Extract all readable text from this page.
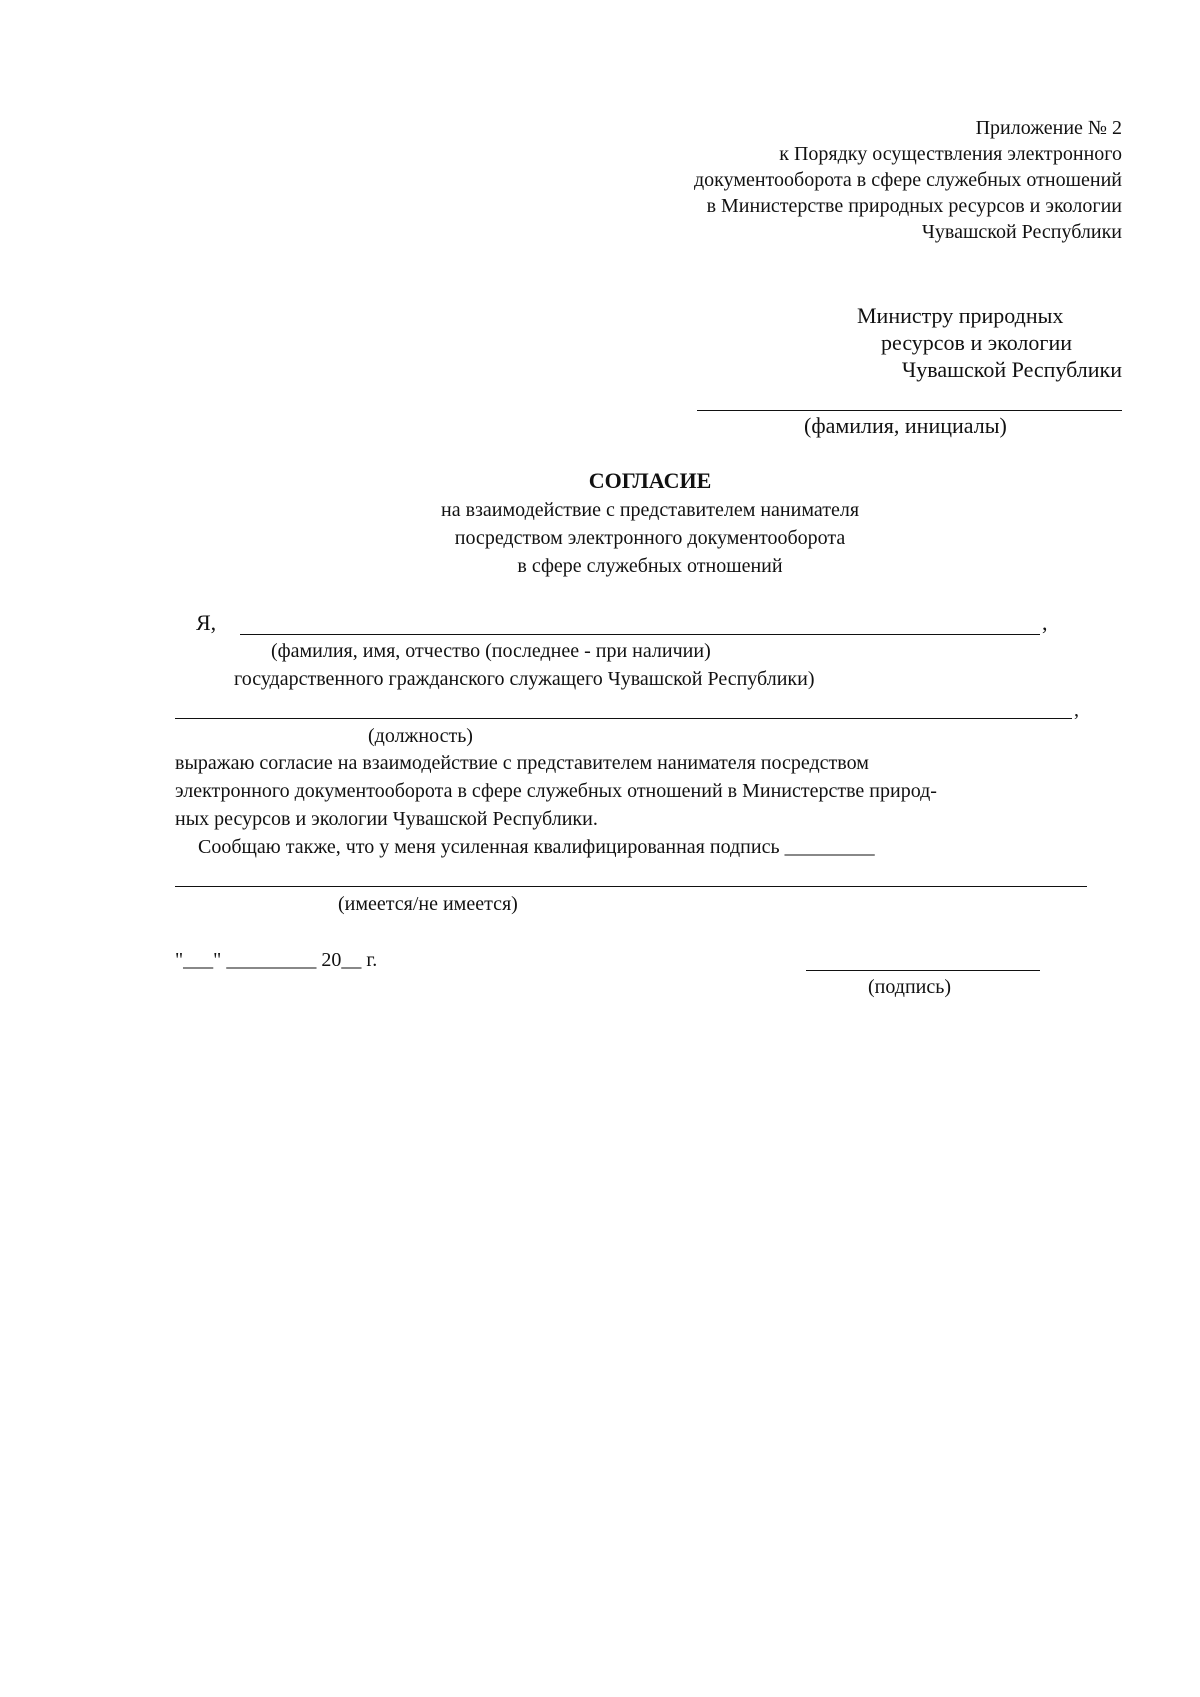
Приложение № 2
к Порядку осуществления электронного
документооборота в сфере служебных отношений
в Министерстве природных ресурсов и экологии
Чувашской Республики
Министру природных
ресурсов и экологии
Чувашской Республики
(фамилия, инициалы)
СОГЛАСИЕ
на взаимодействие с представителем нанимателя
посредством электронного документооборота
в сфере служебных отношений
Я,	,
(фамилия, имя, отчество (последнее - при наличии)
государственного гражданского служащего Чувашской Республики)
,
(должность)
выражаю согласие на взаимодействие с представителем нанимателя посредством
электронного документооборота в сфере служебных отношений в Министерстве природ-
ных ресурсов и экологии Чувашской Республики.
Сообщаю также, что у меня усиленная квалифицированная подпись _________
(имеется/не имеется)
"___" _________ 20__ г.
(подпись)
